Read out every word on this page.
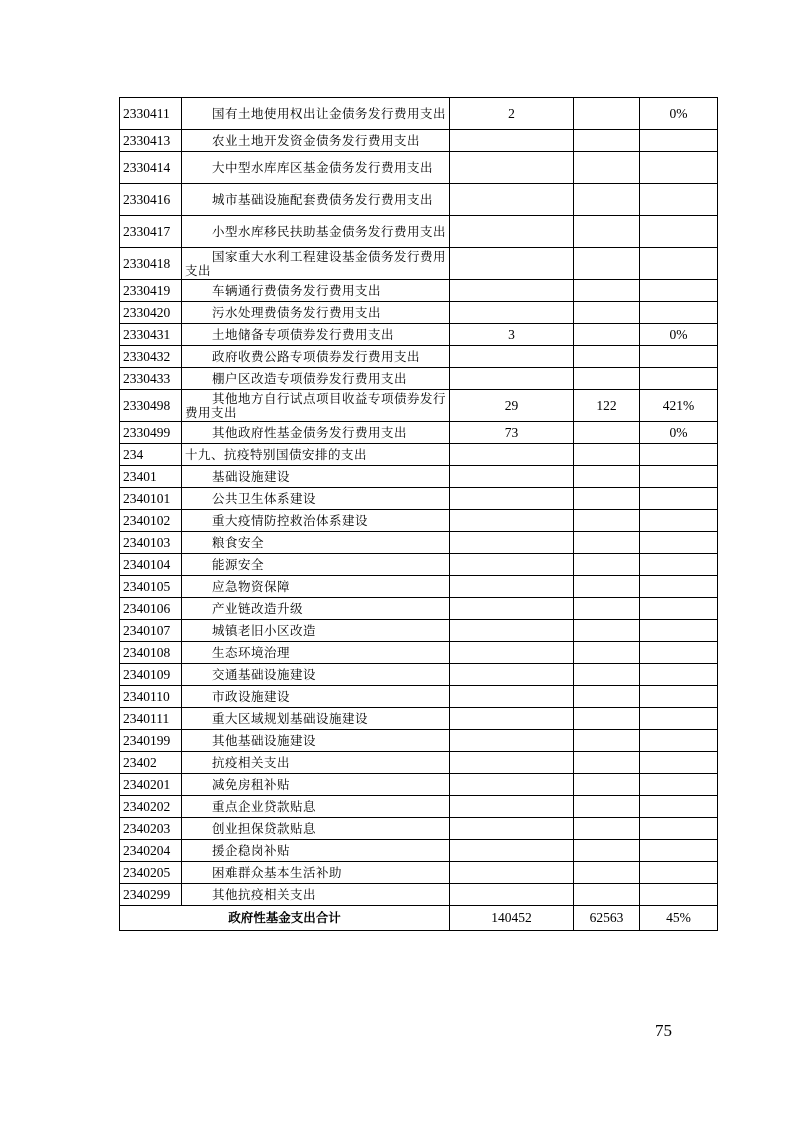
2330411	国有土地使用权出让金债务发行费用支出	2		0%
2330413	农业土地开发资金债务发行费用支出			
2330414	大中型水库库区基金债务发行费用支出			
2330416	城市基础设施配套费债务发行费用支出			
2330417	小型水库移民扶助基金债务发行费用支出			
2330418	国家重大水利工程建设基金债务发行费用支出			
2330419	车辆通行费债务发行费用支出			
2330420	污水处理费债务发行费用支出			
2330431	土地储备专项债券发行费用支出	3		0%
2330432	政府收费公路专项债券发行费用支出			
2330433	棚户区改造专项债券发行费用支出			
2330498	其他地方自行试点项目收益专项债券发行费用支出	29	122	421%
2330499	其他政府性基金债务发行费用支出	73		0%
234	十九、抗疫特别国债安排的支出			
23401	基础设施建设			
2340101	公共卫生体系建设			
2340102	重大疫情防控救治体系建设			
2340103	粮食安全			
2340104	能源安全			
2340105	应急物资保障			
2340106	产业链改造升级			
2340107	城镇老旧小区改造			
2340108	生态环境治理			
2340109	交通基础设施建设			
2340110	市政设施建设			
2340111	重大区域规划基础设施建设			
2340199	其他基础设施建设			
23402	抗疫相关支出			
2340201	减免房租补贴			
2340202	重点企业贷款贴息			
2340203	创业担保贷款贴息			
2340204	援企稳岗补贴			
2340205	困难群众基本生活补助			
2340299	其他抗疫相关支出			
政府性基金支出合计		140452	62563	45%
75
